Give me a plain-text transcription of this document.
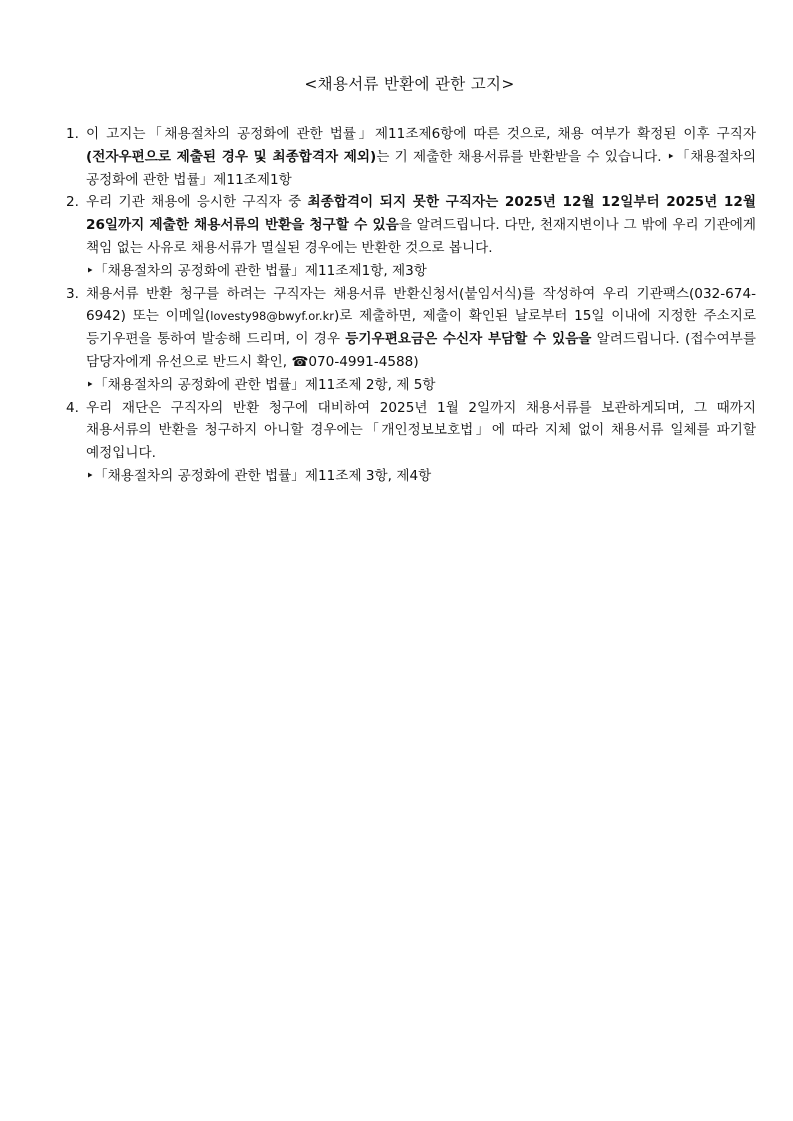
<채용서류 반환에 관한 고지>
1. 이 고지는「채용절차의 공정화에 관한 법률」제11조제6항에 따른 것으로, 채용 여부가 확정된 이후 구직자(전자우편으로 제출된 경우 및 최종합격자 제외)는 기 제출한 채용서류를 반환받을 수 있습니다. ‣「채용절차의 공정화에 관한 법률」제11조제1항
2. 우리 기관 채용에 응시한 구직자 중 최종합격이 되지 못한 구직자는 2025년 12월 12일부터 2025년 12월 26일까지 제출한 채용서류의 반환을 청구할 수 있음을 알려드립니다. 다만, 천재지변이나 그 밖에 우리 기관에게 책임 없는 사유로 채용서류가 멸실된 경우에는 반환한 것으로 봅니다.
‣「채용절차의 공정화에 관한 법률」제11조제1항, 제3항
3. 채용서류 반환 청구를 하려는 구직자는 채용서류 반환신청서(붙임서식)를 작성하여 우리 기관팩스(032-674-6942) 또는 이메일(lovesty98@bwyf.or.kr)로 제출하면, 제출이 확인된 날로부터 15일 이내에 지정한 주소지로 등기우편을 통하여 발송해 드리며, 이 경우 등기우편요금은 수신자 부담할 수 있음을 알려드립니다. (접수여부를 담당자에게 유선으로 반드시 확인, ☎070-4991-4588)
‣「채용절차의 공정화에 관한 법률」제11조제 2항, 제 5항
4. 우리 재단은 구직자의 반환 청구에 대비하여 2025년 1월 2일까지 채용서류를 보관하게되며, 그 때까지 채용서류의 반환을 청구하지 아니할 경우에는「개인정보보호법」에 따라 지체 없이 채용서류 일체를 파기할 예정입니다.
‣「채용절차의 공정화에 관한 법률」제11조제 3항, 제4항
